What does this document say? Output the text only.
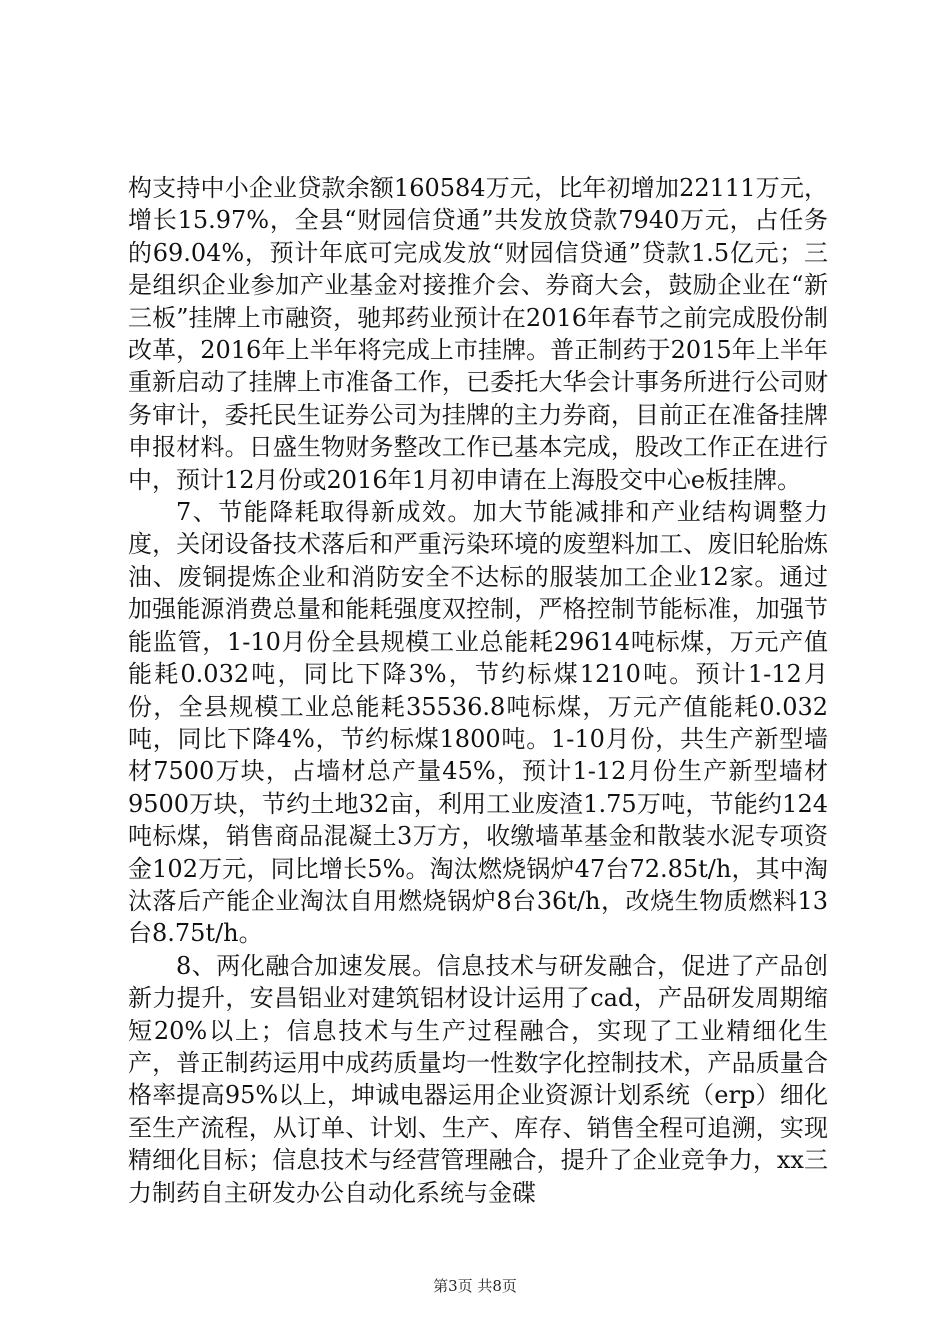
构支持中小企业贷款余额160584万元，比年初增加22111万元，增长15.97%，全县“财园信贷通”共发放贷款7940万元，占任务的69.04%，预计年底可完成发放“财园信贷通”贷款1.5亿元；三是组织企业参加产业基金对接推介会、券商大会，鼓励企业在“新三板”挂牌上市融资，驰邦药业预计在2016年春节之前完成股份制改革，2016年上半年将完成上市挂牌。普正制药于2015年上半年重新启动了挂牌上市准备工作，已委托大华会计事务所进行公司财务审计，委托民生证券公司为挂牌的主力券商，目前正在准备挂牌申报材料。日盛生物财务整改工作已基本完成，股改工作正在进行中，预计12月份或2016年1月初申请在上海股交中心e板挂牌。

7、节能降耗取得新成效。加大节能减排和产业结构调整力度，关闭设备技术落后和严重污染环境的废塑料加工、废旧轮胎炼油、废铜提炼企业和消防安全不达标的服装加工企业12家。通过加强能源消费总量和能耗强度双控制，严格控制节能标准，加强节能监管，1-10月份全县规模工业总能耗29614吨标煤，万元产值能耗0.032吨，同比下降3%，节约标煤1210吨。预计1-12月份，全县规模工业总能耗35536.8吨标煤，万元产值能耗0.032吨，同比下降4%，节约标煤1800吨。1-10月份，共生产新型墙材7500万块，占墙材总产量45%，预计1-12月份生产新型墙材9500万块，节约土地32亩，利用工业废渣1.75万吨，节能约124吨标煤，销售商品混凝土3万方，收缴墙革基金和散装水泥专项资金102万元，同比增长5%。淘汰燃烧锅炉47台72.85t/h，其中淘汰落后产能企业淘汰自用燃烧锅炉8台36t/h，改烧生物质燃料13台8.75t/h。

8、两化融合加速发展。信息技术与研发融合，促进了产品创新力提升，安昌铝业对建筑铝材设计运用了cad，产品研发周期缩短20%以上；信息技术与生产过程融合，实现了工业精细化生产，普正制药运用中成药质量均一性数字化控制技术，产品质量合格率提高95%以上，坤诚电器运用企业资源计划系统（erp）细化至生产流程，从订单、计划、生产、库存、销售全程可追溯，实现精细化目标；信息技术与经营管理融合，提升了企业竞争力，xx三力制药自主研发办公自动化系统与金碟

第3页 共8页
